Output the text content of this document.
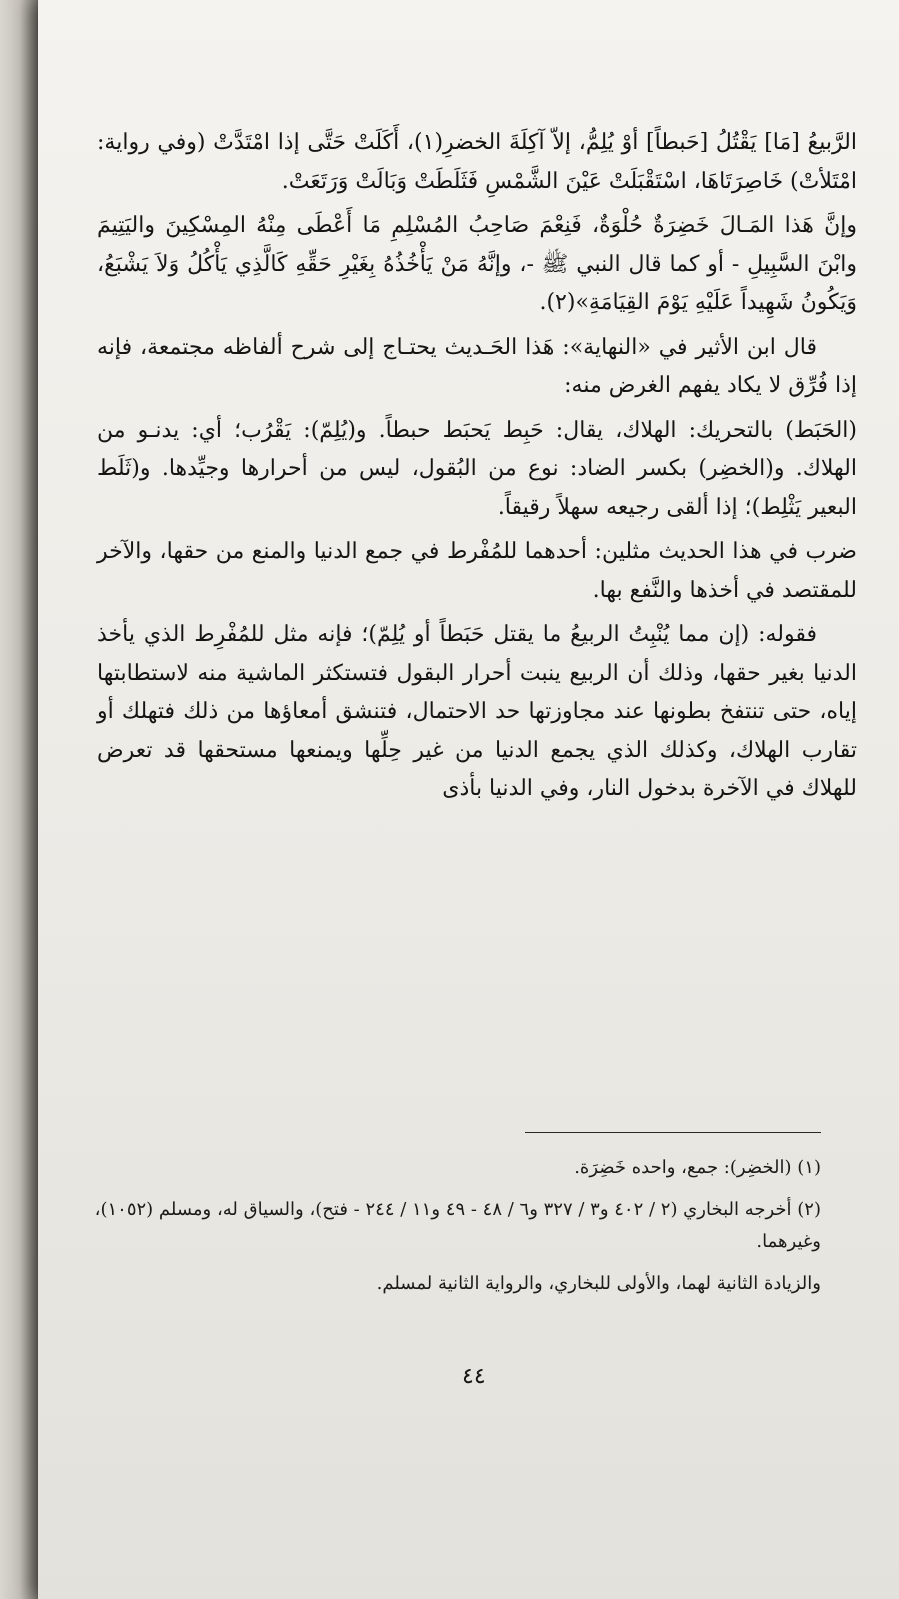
الرَّبيعُ [مَا] يَقْتُلُ [حَبطاً] أوْ يُلِمُّ، إلاّ آكِلَةَ الخضرِ(١)، أَكَلَتْ حَتَّى إذا امْتَدَّتْ (وفي رواية: امْتَلأتْ) خَاصِرَتَاهَا، اسْتَقْبَلَتْ عَيْنَ الشَّمْسِ فَثَلَطَتْ وَبَالَتْ وَرَتَعَتْ.

وإنَّ هَذا المَـالَ خَضِرَةٌ حُلْوَةٌ، فَنِعْمَ صَاحِبُ المُسْلِمِ مَا أَعْطَى مِنْهُ المِسْكِينَ واليَتِيمَ وابْنَ السَّبِيلِ - أو كما قال النبي ﷺ -، وإنَّهُ مَنْ يَأْخُذُهُ بِغَيْرِ حَقِّهِ كَالَّذِي يَأْكُلُ وَلاَ يَشْبَعُ، وَيَكُونُ شَهِيداً عَلَيْهِ يَوْمَ القِيَامَةِ»(٢).

قال ابن الأثير في «النهاية»: هَذا الحَـديث يحتـاج إلى شرح ألفاظه مجتمعة، فإنه إذا فُرِّق لا يكاد يفهم الغرض منه:

(الحَبَط) بالتحريك: الهلاك، يقال: حَبِط يَحبَط حبطاً. و(يُلِمّ): يَقْرُب؛ أي: يدنـو من الهلاك. و(الخضِر) بكسر الضاد: نوع من البُقول، ليس من أحرارها وجيِّدها. و(ثَلَط البعير يَثْلِط)؛ إذا ألقى رجيعه سهلاً رقيقاً.

ضرب في هذا الحديث مثلين: أحدهما للمُفْرط في جمع الدنيا والمنع من حقها، والآخر للمقتصد في أخذها والنَّفع بها.

فقوله: (إن مما يُنْبِتُ الربيعُ ما يقتل حَبَطاً أو يُلِمّ)؛ فإنه مثل للمُفْرِط الذي يأخذ الدنيا بغير حقها، وذلك أن الربيع ينبت أحرار البقول فتستكثر الماشية منه لاستطابتها إياه، حتى تنتفخ بطونها عند مجاوزتها حد الاحتمال، فتنشق أمعاؤها من ذلك فتهلك أو تقارب الهلاك، وكذلك الذي يجمع الدنيا من غير حِلِّها ويمنعها مستحقها قد تعرض للهلاك في الآخرة بدخول النار، وفي الدنيا بأذى

(١) (الخضِر): جمع، واحده خَضِرَة.

(٢) أخرجه البخاري (٢ / ٤٠٢ و٣ / ٣٢٧ و٦ / ٤٨ - ٤٩ و١١ / ٢٤٤ - فتح)، والسياق له، ومسلم (١٠٥٢)، وغيرهما.

والزيادة الثانية لهما، والأولى للبخاري، والرواية الثانية لمسلم.

٤٤
